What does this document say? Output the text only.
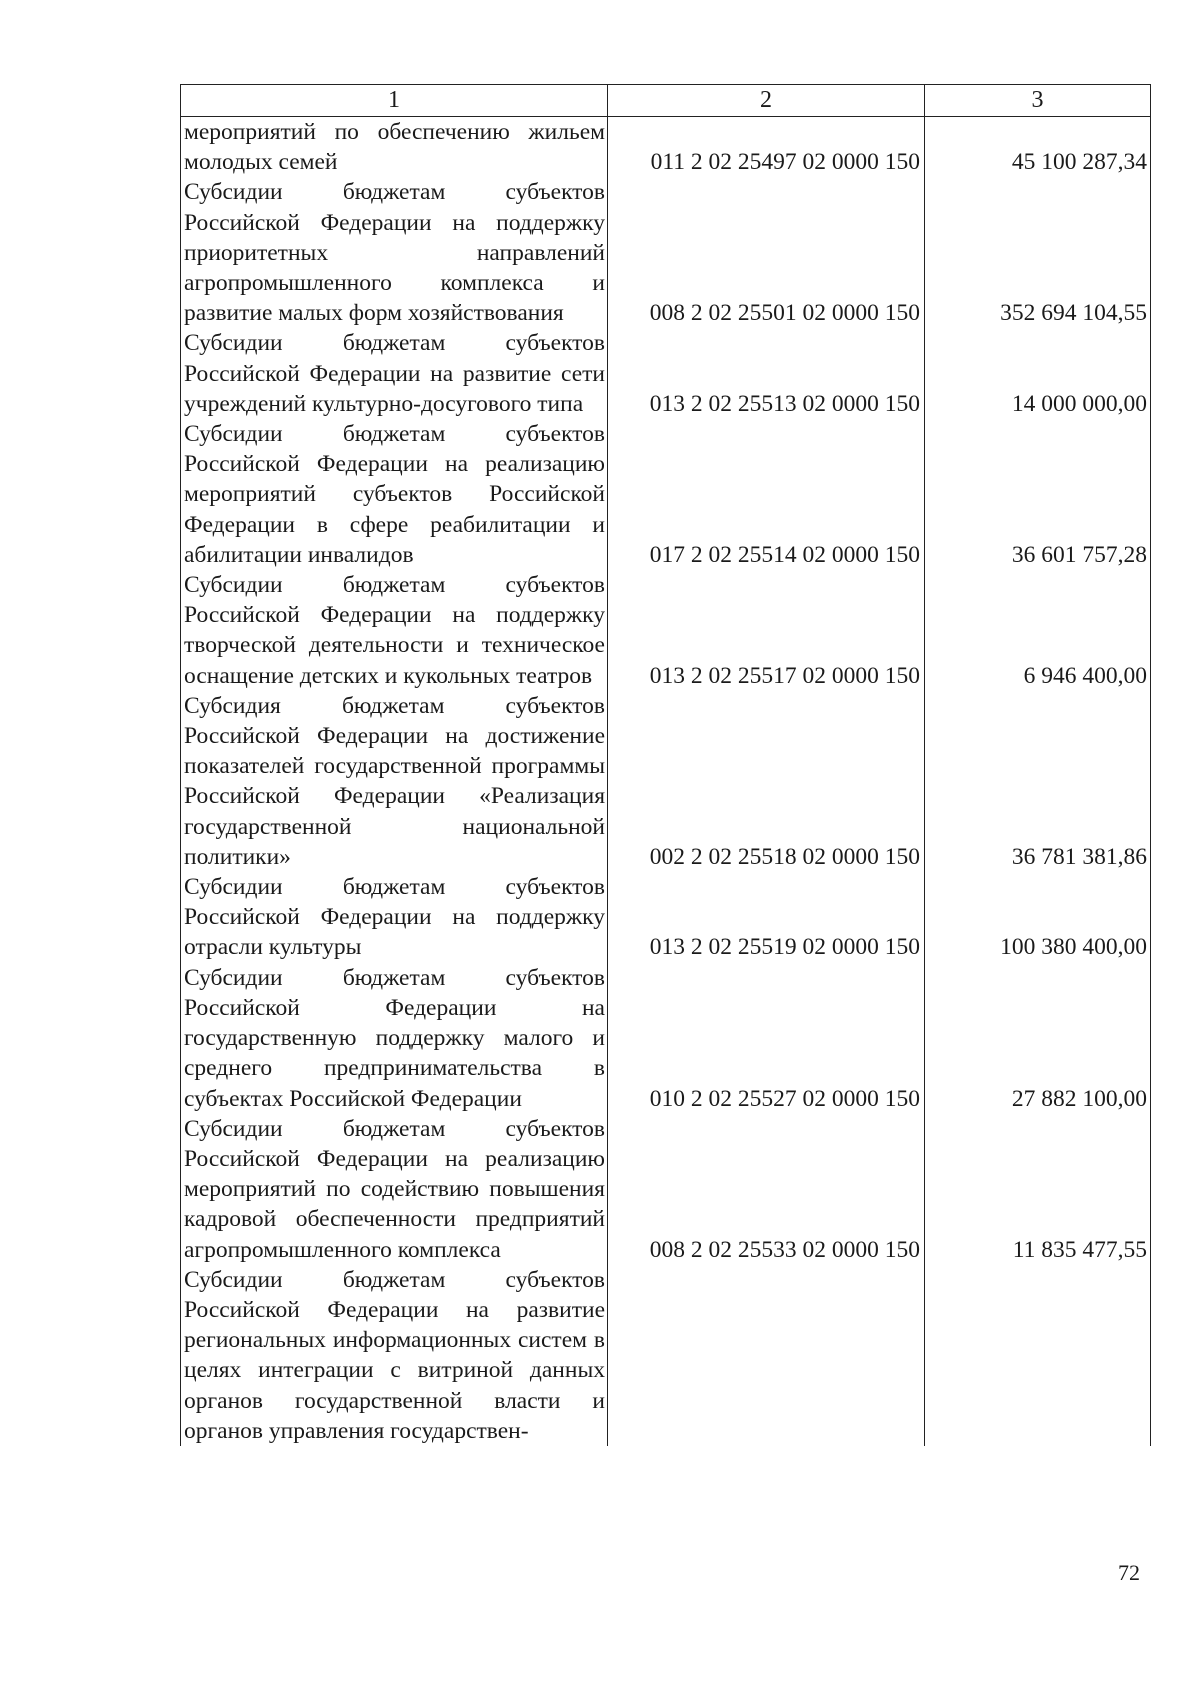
1	2	3
мероприятий по обеспечению жильем молодых семей	011 2 02 25497 02 0000 150	45 100 287,34
Субсидии бюджетам субъектов Российской Федерации на поддержку приоритетных направлений агропромышленного комплекса и развитие малых форм хозяйствования	008 2 02 25501 02 0000 150	352 694 104,55
Субсидии бюджетам субъектов Российской Федерации на развитие сети учреждений культурно-досугового типа	013 2 02 25513 02 0000 150	14 000 000,00
Субсидии бюджетам субъектов Российской Федерации на реализацию мероприятий субъектов Российской Федерации в сфере реабилитации и абилитации инвалидов	017 2 02 25514 02 0000 150	36 601 757,28
Субсидии бюджетам субъектов Российской Федерации на поддержку творческой деятельности и техническое оснащение детских и кукольных театров	013 2 02 25517 02 0000 150	6 946 400,00
Субсидия бюджетам субъектов Российской Федерации на достижение показателей государственной программы Российской Федерации «Реализация государственной национальной политики»	002 2 02 25518 02 0000 150	36 781 381,86
Субсидии бюджетам субъектов Российской Федерации на поддержку отрасли культуры	013 2 02 25519 02 0000 150	100 380 400,00
Субсидии бюджетам субъектов Российской Федерации на государственную поддержку малого и среднего предпринимательства в субъектах Российской Федерации	010 2 02 25527 02 0000 150	27 882 100,00
Субсидии бюджетам субъектов Российской Федерации на реализацию мероприятий по содействию повышения кадровой обеспеченности предприятий агропромышленного комплекса	008 2 02 25533 02 0000 150	11 835 477,55
Субсидии бюджетам субъектов Российской Федерации на развитие региональных информационных систем в целях интеграции с витриной данных органов государственной власти и органов управления государствен-		
72
